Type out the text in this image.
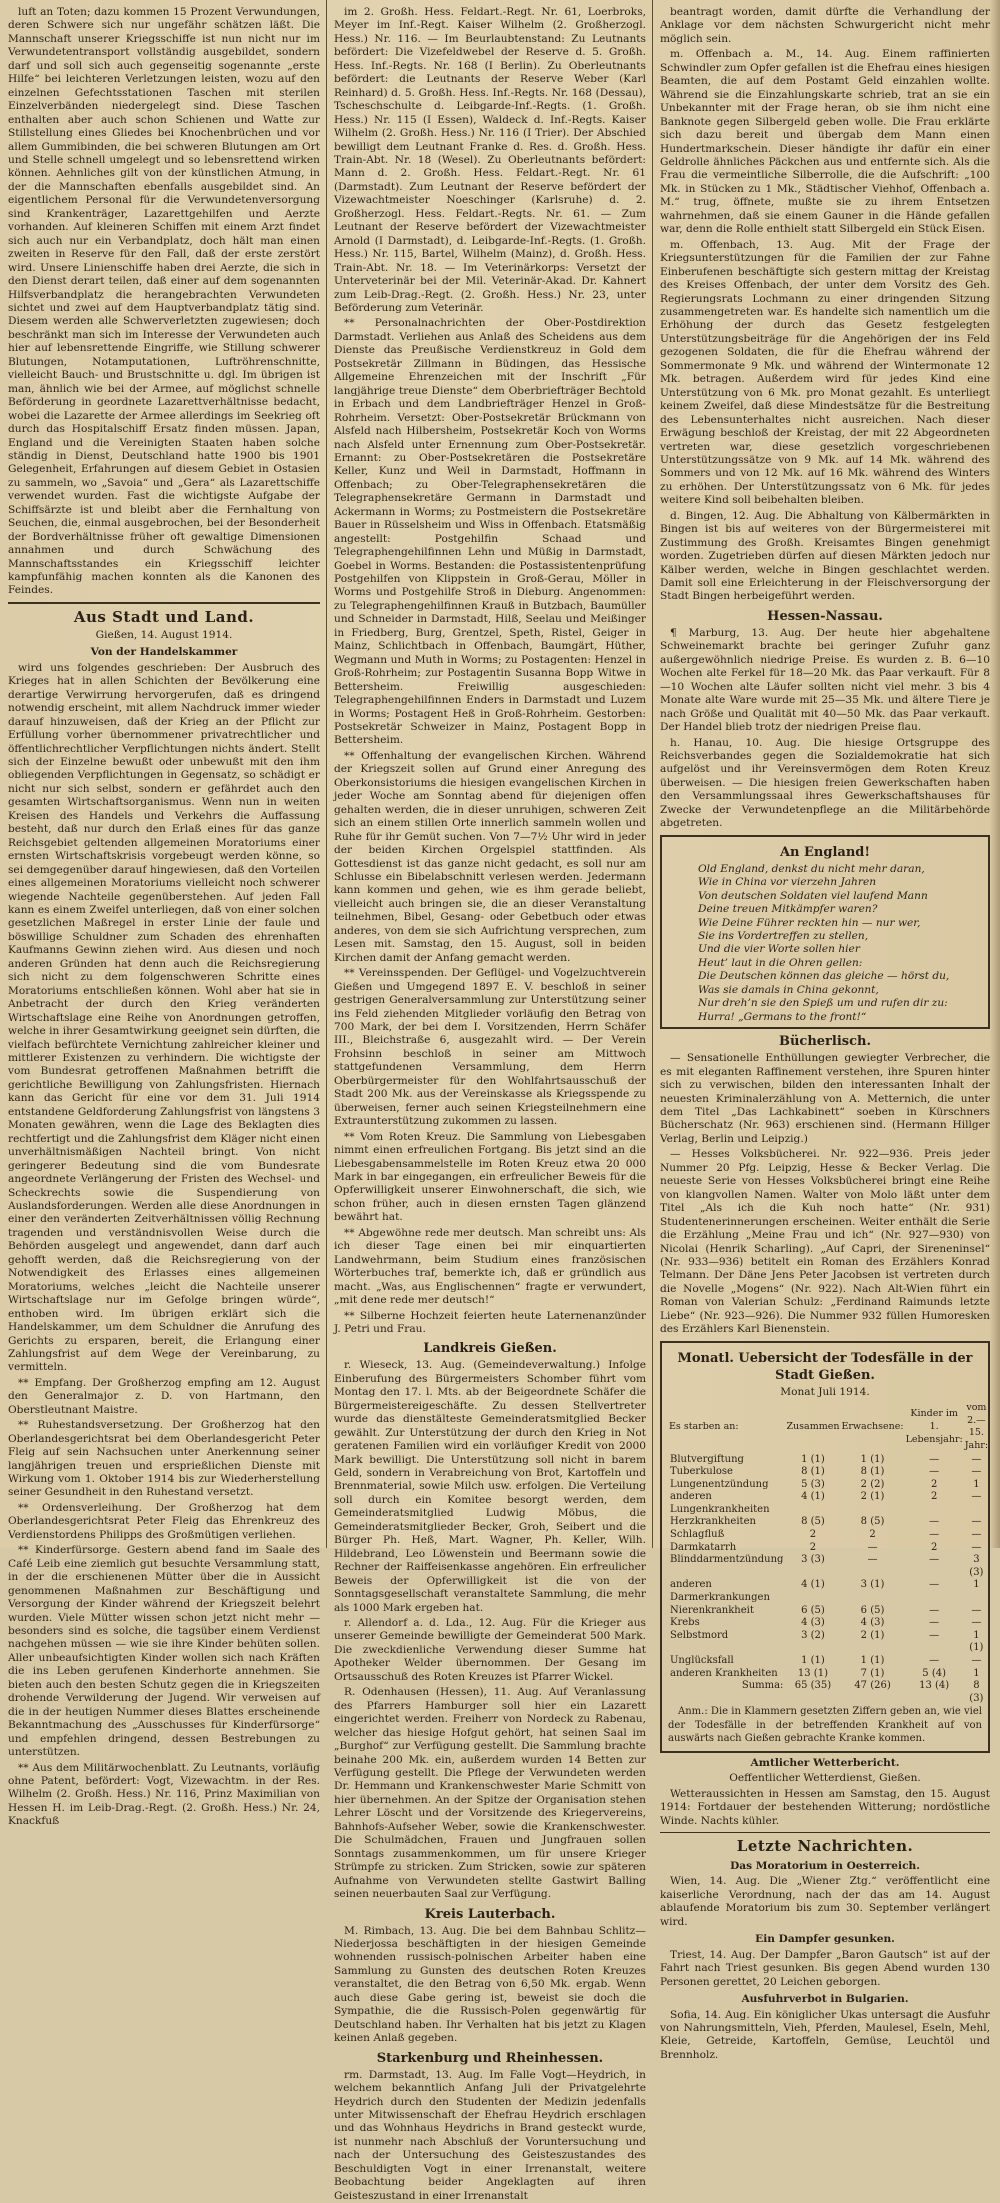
luft an Toten; dazu kommen 15 Prozent Verwundungen, deren Schwere sich nur ungefähr schätzen läßt. Die Mannschaft unserer Kriegsschiffe ist nun nicht nur im Verwundetentransport vollständig ausgebildet, sondern darf und soll sich auch gegenseitig sogenannte „erste Hilfe“ bei leichteren Verletzungen leisten, wozu auf den einzelnen Gefechtsstationen Taschen mit sterilen Einzelverbänden niedergelegt sind. Diese Taschen enthalten aber auch schon Schienen und Watte zur Stillstellung eines Gliedes bei Knochenbrüchen und vor allem Gummibinden, die bei schweren Blutungen am Ort und Stelle schnell umgelegt und so lebensrettend wirken können. Aehnliches gilt von der künstlichen Atmung, in der die Mannschaften ebenfalls ausgebildet sind. An eigentlichem Personal für die Verwundetenversorgung sind Krankenträger, Lazarettgehilfen und Aerzte vorhanden. Auf kleineren Schiffen mit einem Arzt findet sich auch nur ein Verbandplatz, doch hält man einen zweiten in Reserve für den Fall, daß der erste zerstört wird. Unsere Linienschiffe haben drei Aerzte, die sich in den Dienst derart teilen, daß einer auf dem sogenannten Hilfsverbandplatz die herangebrachten Verwundeten sichtet und zwei auf dem Hauptverbandplatz tätig sind. Diesem werden alle Schwerverletzten zugewiesen; doch beschränkt man sich im Interesse der Verwundeten auch hier auf lebensrettende Eingriffe, wie Stillung schwerer Blutungen, Notamputationen, Luftröhrenschnitte, vielleicht Bauch- und Brustschnitte u. dgl. Im übrigen ist man, ähnlich wie bei der Armee, auf möglichst schnelle Beförderung in geordnete Lazarettverhältnisse bedacht, wobei die Lazarette der Armee allerdings im Seekrieg oft durch das Hospitalschiff Ersatz finden müssen. Japan, England und die Vereinigten Staaten haben solche ständig in Dienst, Deutschland hatte 1900 bis 1901 Gelegenheit, Erfahrungen auf diesem Gebiet in Ostasien zu sammeln, wo „Savoia“ und „Gera“ als Lazarettschiffe verwendet wurden. Fast die wichtigste Aufgabe der Schiffsärzte ist und bleibt aber die Fernhaltung von Seuchen, die, einmal ausgebrochen, bei der Besonderheit der Bordverhältnisse früher oft gewaltige Dimensionen annahmen und durch Schwächung des Mannschaftsstandes ein Kriegsschiff leichter kampfunfähig machen konnten als die Kanonen des Feindes.

Aus Stadt und Land.
Gießen, 14. August 1914.
Von der Handelskammer

wird uns folgendes geschrieben: Der Ausbruch des Krieges hat in allen Schichten der Bevölkerung eine derartige Verwirrung hervorgerufen, daß es dringend notwendig erscheint, mit allem Nachdruck immer wieder darauf hinzuweisen, daß der Krieg an der Pflicht zur Erfüllung vorher übernommener privatrechtlicher und öffentlichrechtlicher Verpflichtungen nichts ändert. Stellt sich der Einzelne bewußt oder unbewußt mit den ihm obliegenden Verpflichtungen in Gegensatz, so schädigt er nicht nur sich selbst, sondern er gefährdet auch den gesamten Wirtschaftsorganismus. Wenn nun in weiten Kreisen des Handels und Verkehrs die Auffassung besteht, daß nur durch den Erlaß eines für das ganze Reichsgebiet geltenden allgemeinen Moratoriums einer ernsten Wirtschaftskrisis vorgebeugt werden könne, so sei demgegenüber darauf hingewiesen, daß den Vorteilen eines allgemeinen Moratoriums vielleicht noch schwerer wiegende Nachteile gegenüberstehen. Auf jeden Fall kann es einem Zweifel unterliegen, daß von einer solchen gesetzlichen Maßregel in erster Linie der faule und böswillige Schuldner zum Schaden des ehrenhaften Kaufmanns Gewinn ziehen wird. Aus diesen und noch anderen Gründen hat denn auch die Reichsregierung sich nicht zu dem folgenschweren Schritte eines Moratoriums entschließen können. Wohl aber hat sie in Anbetracht der durch den Krieg veränderten Wirtschaftslage eine Reihe von Anordnungen getroffen, welche in ihrer Gesamtwirkung geeignet sein dürften, die vielfach befürchtete Vernichtung zahlreicher kleiner und mittlerer Existenzen zu verhindern. Die wichtigste der vom Bundesrat getroffenen Maßnahmen betrifft die gerichtliche Bewilligung von Zahlungsfristen. Hiernach kann das Gericht für eine vor dem 31. Juli 1914 entstandene Geldforderung Zahlungsfrist von längstens 3 Monaten gewähren, wenn die Lage des Beklagten dies rechtfertigt und die Zahlungsfrist dem Kläger nicht einen unverhältnismäßigen Nachteil bringt. Von nicht geringerer Bedeutung sind die vom Bundesrate angeordnete Verlängerung der Fristen des Wechsel- und Scheckrechts sowie die Suspendierung von Auslandsforderungen. Werden alle diese Anordnungen in einer den veränderten Zeitverhältnissen völlig Rechnung tragenden und verständnisvollen Weise durch die Behörden ausgelegt und angewendet, dann darf auch gehofft werden, daß die Reichsregierung von der Notwendigkeit des Erlasses eines allgemeinen Moratoriums, welches „leicht die Nachteile unserer Wirtschaftslage nur im Gefolge bringen würde“, enthoben wird. Im übrigen erklärt sich die Handelskammer, um dem Schuldner die Anrufung des Gerichts zu ersparen, bereit, die Erlangung einer Zahlungsfrist auf dem Wege der Vereinbarung, zu vermitteln.

** Empfang. Der Großherzog empfing am 12. August den Generalmajor z. D. von Hartmann, den Oberstleutnant Maistre.

** Ruhestandsversetzung. Der Großherzog hat den Oberlandesgerichtsrat bei dem Oberlandesgericht Peter Fleig auf sein Nachsuchen unter Anerkennung seiner langjährigen treuen und ersprießlichen Dienste mit Wirkung vom 1. Oktober 1914 bis zur Wiederherstellung seiner Gesundheit in den Ruhestand versetzt.

** Ordensverleihung. Der Großherzog hat dem Oberlandesgerichtsrat Peter Fleig das Ehrenkreuz des Verdienstordens Philipps des Großmütigen verliehen.

** Kinderfürsorge. Gestern abend fand im Saale des Café Leib eine ziemlich gut besuchte Versammlung statt, in der die erschienenen Mütter über die in Aussicht genommenen Maßnahmen zur Beschäftigung und Versorgung der Kinder während der Kriegszeit belehrt wurden. Viele Mütter wissen schon jetzt nicht mehr — besonders sind es solche, die tagsüber einem Verdienst nachgehen müssen — wie sie ihre Kinder behüten sollen. Aller unbeaufsichtigten Kinder wollen sich nach Kräften die ins Leben gerufenen Kinderhorte annehmen. Sie bieten auch den besten Schutz gegen die in Kriegszeiten drohende Verwilderung der Jugend. Wir verweisen auf die in der heutigen Nummer dieses Blattes erscheinende Bekanntmachung des „Ausschusses für Kinderfürsorge“ und empfehlen dringend, dessen Bestrebungen zu unterstützen.

** Aus dem Militärwochenblatt. Zu Leutnants, vorläufig ohne Patent, befördert: Vogt, Vizewachtm. in der Res. Wilhelm (2. Großh. Hess.) Nr. 116, Prinz Maximilian von Hessen H. im Leib-Drag.-Regt. (2. Großh. Hess.) Nr. 24, Knackfuß

im 2. Großh. Hess. Feldart.-Regt. Nr. 61, Loerbroks, Meyer im Inf.-Regt. Kaiser Wilhelm (2. Großherzogl. Hess.) Nr. 116. — Im Beurlaubtenstand: Zu Leutnants befördert: Die Vizefeldwebel der Reserve d. 5. Großh. Hess. Inf.-Regts. Nr. 168 (I Berlin). Zu Oberleutnants befördert: die Leutnants der Reserve Weber (Karl Reinhard) d. 5. Großh. Hess. Inf.-Regts. Nr. 168 (Dessau), Tscheschschulte d. Leibgarde-Inf.-Regts. (1. Großh. Hess.) Nr. 115 (I Essen), Waldeck d. Inf.-Regts. Kaiser Wilhelm (2. Großh. Hess.) Nr. 116 (I Trier). Der Abschied bewilligt dem Leutnant Franke d. Res. d. Großh. Hess. Train-Abt. Nr. 18 (Wesel). Zu Oberleutnants befördert: Mann d. 2. Großh. Hess. Feldart.-Regt. Nr. 61 (Darmstadt). Zum Leutnant der Reserve befördert der Vizewachtmeister Noeschinger (Karlsruhe) d. 2. Großherzogl. Hess. Feldart.-Regts. Nr. 61. — Zum Leutnant der Reserve befördert der Vizewachtmeister Arnold (I Darmstadt), d. Leibgarde-Inf.-Regts. (1. Großh. Hess.) Nr. 115, Bartel, Wilhelm (Mainz), d. Großh. Hess. Train-Abt. Nr. 18. — Im Veterinärkorps: Versetzt der Unterveterinär bei der Mil. Veterinär-Akad. Dr. Kahnert zum Leib-Drag.-Regt. (2. Großh. Hess.) Nr. 23, unter Beförderung zum Veterinär.

** Personalnachrichten der Ober-Postdirektion Darmstadt. Verliehen aus Anlaß des Scheidens aus dem Dienste das Preußische Verdienstkreuz in Gold dem Postsekretär Zillmann in Büdingen, das Hessische Allgemeine Ehrenzeichen mit der Inschrift „Für langjährige treue Dienste“ dem Oberbriefträger Bechtold in Erbach und dem Landbriefträger Henzel in Groß-Rohrheim. Versetzt: Ober-Postsekretär Brückmann von Alsfeld nach Hilbersheim, Postsekretär Koch von Worms nach Alsfeld unter Ernennung zum Ober-Postsekretär. Ernannt: zu Ober-Postsekretären die Postsekretäre Keller, Kunz und Weil in Darmstadt, Hoffmann in Offenbach; zu Ober-Telegraphensekretären die Telegraphensekretäre Germann in Darmstadt und Ackermann in Worms; zu Postmeistern die Postsekretäre Bauer in Rüsselsheim und Wiss in Offenbach. Etatsmäßig angestellt: Postgehilfin Schaad und Telegraphengehilfinnen Lehn und Müßig in Darmstadt, Goebel in Worms. Bestanden: die Postassistentenprüfung Postgehilfen von Klippstein in Groß-Gerau, Möller in Worms und Postgehilfe Stroß in Dieburg. Angenommen: zu Telegraphengehilfinnen Krauß in Butzbach, Baumüller und Schneider in Darmstadt, Hilß, Seelau und Meißinger in Friedberg, Burg, Grentzel, Speth, Ristel, Geiger in Mainz, Schlichtbach in Offenbach, Baumgärt, Hüther, Wegmann und Muth in Worms; zu Postagenten: Henzel in Groß-Rohrheim; zur Postagentin Susanna Bopp Witwe in Bettersheim. Freiwillig ausgeschieden: Telegraphengehilfinnen Enders in Darmstadt und Luzem in Worms; Postagent Heß in Groß-Rohrheim. Gestorben: Postsekretär Schweizer in Mainz, Postagent Bopp in Bettersheim.

** Offenhaltung der evangelischen Kirchen. Während der Kriegszeit sollen auf Grund einer Anregung des Oberkonsistoriums die hiesigen evangelischen Kirchen in jeder Woche am Sonntag abend für diejenigen offen gehalten werden, die in dieser unruhigen, schweren Zeit sich an einem stillen Orte innerlich sammeln wollen und Ruhe für ihr Gemüt suchen. Von 7—7½ Uhr wird in jeder der beiden Kirchen Orgelspiel stattfinden. Als Gottesdienst ist das ganze nicht gedacht, es soll nur am Schlusse ein Bibelabschnitt verlesen werden. Jedermann kann kommen und gehen, wie es ihm gerade beliebt, vielleicht auch bringen sie, die an dieser Veranstaltung teilnehmen, Bibel, Gesang- oder Gebetbuch oder etwas anderes, von dem sie sich Aufrichtung versprechen, zum Lesen mit. Samstag, den 15. August, soll in beiden Kirchen damit der Anfang gemacht werden.

** Vereinsspenden. Der Geflügel- und Vogelzuchtverein Gießen und Umgegend 1897 E. V. beschloß in seiner gestrigen Generalversammlung zur Unterstützung seiner ins Feld ziehenden Mitglieder vorläufig den Betrag von 700 Mark, der bei dem I. Vorsitzenden, Herrn Schäfer III., Bleichstraße 6, ausgezahlt wird. — Der Verein Frohsinn beschloß in seiner am Mittwoch stattgefundenen Versammlung, dem Herrn Oberbürgermeister für den Wohlfahrtsausschuß der Stadt 200 Mk. aus der Vereinskasse als Kriegsspende zu überweisen, ferner auch seinen Kriegsteilnehmern eine Extraunterstützung zukommen zu lassen.

** Vom Roten Kreuz. Die Sammlung von Liebesgaben nimmt einen erfreulichen Fortgang. Bis jetzt sind an die Liebesgabensammelstelle im Roten Kreuz etwa 20 000 Mark in bar eingegangen, ein erfreulicher Beweis für die Opferwilligkeit unserer Einwohnerschaft, die sich, wie schon früher, auch in diesen ernsten Tagen glänzend bewährt hat.

** Abgewöhne rede mer deutsch. Man schreibt uns: Als ich dieser Tage einen bei mir einquartierten Landwehrmann, beim Studium eines französischen Wörterbuches traf, bemerkte ich, daß er gründlich aus macht. „Was, aus Englischennen“ fragte er verwundert, „mit dene rede mer deutsch!“

** Silberne Hochzeit feierten heute Laternenanzünder J. Petri und Frau.

Landkreis Gießen.

r. Wieseck, 13. Aug. (Gemeindeverwaltung.) Infolge Einberufung des Bürgermeisters Schomber führt vom Montag den 17. l. Mts. ab der Beigeordnete Schäfer die Bürgermeistereigeschäfte. Zu dessen Stellvertreter wurde das dienstälteste Gemeinderatsmitglied Becker gewählt. Zur Unterstützung der durch den Krieg in Not geratenen Familien wird ein vorläufiger Kredit von 2000 Mark bewilligt. Die Unterstützung soll nicht in barem Geld, sondern in Verabreichung von Brot, Kartoffeln und Brennmaterial, sowie Milch usw. erfolgen. Die Verteilung soll durch ein Komitee besorgt werden, dem Gemeinderatsmitglied Ludwig Möbus, die Gemeinderatsmitglieder Becker, Groh, Seibert und die Bürger Ph. Heß, Mart. Wagner, Ph. Keller, Wilh. Hildebrand, Leo Löwenstein und Beermann sowie die Rechner der Raiffeisenkasse angehören. Ein erfreulicher Beweis der Opferwilligkeit ist die von der Sonntagsgesellschaft veranstaltete Sammlung, die mehr als 1000 Mark ergeben hat.

r. Allendorf a. d. Lda., 12. Aug. Für die Krieger aus unserer Gemeinde bewilligte der Gemeinderat 500 Mark. Die zweckdienliche Verwendung dieser Summe hat Apotheker Welder übernommen. Der Gesang im Ortsausschuß des Roten Kreuzes ist Pfarrer Wickel.

R. Odenhausen (Hessen), 11. Aug. Auf Veranlassung des Pfarrers Hamburger soll hier ein Lazarett eingerichtet werden. Freiherr von Nordeck zu Rabenau, welcher das hiesige Hofgut gehört, hat seinen Saal im „Burghof“ zur Verfügung gestellt. Die Sammlung brachte beinahe 200 Mk. ein, außerdem wurden 14 Betten zur Verfügung gestellt. Die Pflege der Verwundeten werden Dr. Hemmann und Krankenschwester Marie Schmitt von hier übernehmen. An der Spitze der Organisation stehen Lehrer Löscht und der Vorsitzende des Kriegervereins, Bahnhofs-Aufseher Weber, sowie die Krankenschwester. Die Schulmädchen, Frauen und Jungfrauen sollen Sonntags zusammenkommen, um für unsere Krieger Strümpfe zu stricken. Zum Stricken, sowie zur späteren Aufnahme von Verwundeten stellte Gastwirt Balling seinen neuerbauten Saal zur Verfügung.

Kreis Lauterbach.

M. Rimbach, 13. Aug. Die bei dem Bahnbau Schlitz—Niederjossa beschäftigten in der hiesigen Gemeinde wohnenden russisch-polnischen Arbeiter haben eine Sammlung zu Gunsten des deutschen Roten Kreuzes veranstaltet, die den Betrag von 6,50 Mk. ergab. Wenn auch diese Gabe gering ist, beweist sie doch die Sympathie, die die Russisch-Polen gegenwärtig für Deutschland haben. Ihr Verhalten hat bis jetzt zu Klagen keinen Anlaß gegeben.

Starkenburg und Rheinhessen.

rm. Darmstadt, 13. Aug. Im Falle Vogt—Heydrich, in welchem bekanntlich Anfang Juli der Privatgelehrte Heydrich durch den Studenten der Medizin jedenfalls unter Mitwissenschaft der Ehefrau Heydrich erschlagen und das Wohnhaus Heydrichs in Brand gesteckt wurde, ist nunmehr nach Abschluß der Voruntersuchung und nach der Untersuchung des Geisteszustandes des Beschuldigten Vogt in einer Irrenanstalt, weitere Beobachtung beider Angeklagten auf ihren Geisteszustand in einer Irrenanstalt

beantragt worden, damit dürfte die Verhandlung der Anklage vor dem nächsten Schwurgericht nicht mehr möglich sein.

m. Offenbach a. M., 14. Aug. Einem raffinierten Schwindler zum Opfer gefallen ist die Ehefrau eines hiesigen Beamten, die auf dem Postamt Geld einzahlen wollte. Während sie die Einzahlungskarte schrieb, trat an sie ein Unbekannter mit der Frage heran, ob sie ihm nicht eine Banknote gegen Silbergeld geben wolle. Die Frau erklärte sich dazu bereit und übergab dem Mann einen Hundertmarkschein. Dieser händigte ihr dafür ein einer Geldrolle ähnliches Päckchen aus und entfernte sich. Als die Frau die vermeintliche Silberrolle, die die Aufschrift: „100 Mk. in Stücken zu 1 Mk., Städtischer Viehhof, Offenbach a. M.“ trug, öffnete, mußte sie zu ihrem Entsetzen wahrnehmen, daß sie einem Gauner in die Hände gefallen war, denn die Rolle enthielt statt Silbergeld ein Stück Eisen.

m. Offenbach, 13. Aug. Mit der Frage der Kriegsunterstützungen für die Familien der zur Fahne Einberufenen beschäftigte sich gestern mittag der Kreistag des Kreises Offenbach, der unter dem Vorsitz des Geh. Regierungsrats Lochmann zu einer dringenden Sitzung zusammengetreten war. Es handelte sich namentlich um die Erhöhung der durch das Gesetz festgelegten Unterstützungsbeiträge für die Angehörigen der ins Feld gezogenen Soldaten, die für die Ehefrau während der Sommermonate 9 Mk. und während der Wintermonate 12 Mk. betragen. Außerdem wird für jedes Kind eine Unterstützung von 6 Mk. pro Monat gezahlt. Es unterliegt keinem Zweifel, daß diese Mindestsätze für die Bestreitung des Lebensunterhaltes nicht ausreichen. Nach dieser Erwägung beschloß der Kreistag, der mit 22 Abgeordneten vertreten war, diese gesetzlich vorgeschriebenen Unterstützungssätze von 9 Mk. auf 14 Mk. während des Sommers und von 12 Mk. auf 16 Mk. während des Winters zu erhöhen. Der Unterstützungssatz von 6 Mk. für jedes weitere Kind soll beibehalten bleiben.

d. Bingen, 12. Aug. Die Abhaltung von Kälbermärkten in Bingen ist bis auf weiteres von der Bürgermeisterei mit Zustimmung des Großh. Kreisamtes Bingen genehmigt worden. Zugetrieben dürfen auf diesen Märkten jedoch nur Kälber werden, welche in Bingen geschlachtet werden. Damit soll eine Erleichterung in der Fleischversorgung der Stadt Bingen herbeigeführt werden.

Hessen-Nassau.

¶ Marburg, 13. Aug. Der heute hier abgehaltene Schweinemarkt brachte bei geringer Zufuhr ganz außergewöhnlich niedrige Preise. Es wurden z. B. 6—10 Wochen alte Ferkel für 18—20 Mk. das Paar verkauft. Für 8—10 Wochen alte Läufer sollten nicht viel mehr. 3 bis 4 Monate alte Ware wurde mit 25—35 Mk. und ältere Tiere je nach Größe und Qualität mit 40—50 Mk. das Paar verkauft. Der Handel blieb trotz der niedrigen Preise flau.

h. Hanau, 10. Aug. Die hiesige Ortsgruppe des Reichsverbandes gegen die Sozialdemokratie hat sich aufgelöst und ihr Vereinsvermögen dem Roten Kreuz überweisen. — Die hiesigen freien Gewerkschaften haben den Versammlungssaal ihres Gewerkschaftshauses für Zwecke der Verwundetenpflege an die Militärbehörde abgetreten.

An England!

Old England, denkst du nicht mehr daran,

Wie in China vor vierzehn Jahren

Von deutschen Soldaten viel laufend Mann

Deine treuen Mitkämpfer waren?

Wie Deine Führer reckten hin — nur wer,

Sie ins Vordertreffen zu stellen,

Und die vier Worte sollen hier

Heut’ laut in die Ohren gellen:

Die Deutschen können das gleiche — hörst du,

Was sie damals in China gekonnt,

Nur dreh’n sie den Spieß um und rufen dir zu:

Hurra! „Germans to the front!“

Bücherlisch.

— Sensationelle Enthüllungen gewiegter Verbrecher, die es mit eleganten Raffinement verstehen, ihre Spuren hinter sich zu verwischen, bilden den interessanten Inhalt der neuesten Kriminalerzählung von A. Metternich, die unter dem Titel „Das Lachkabinett“ soeben in Kürschners Bücherschatz (Nr. 963) erschienen sind. (Hermann Hillger Verlag, Berlin und Leipzig.)

— Hesses Volksbücherei. Nr. 922—936. Preis jeder Nummer 20 Pfg. Leipzig, Hesse & Becker Verlag. Die neueste Serie von Hesses Volksbücherei bringt eine Reihe von klangvollen Namen. Walter von Molo läßt unter dem Titel „Als ich die Kuh noch hatte“ (Nr. 931) Studentenerinnerungen erscheinen. Weiter enthält die Serie die Erzählung „Meine Frau und ich“ (Nr. 927—930) von Nicolai (Henrik Scharling). „Auf Capri, der Sireneninsel“ (Nr. 933—936) betitelt ein Roman des Erzählers Konrad Telmann. Der Däne Jens Peter Jacobsen ist vertreten durch die Novelle „Mogens“ (Nr. 922). Nach Alt-Wien führt ein Roman von Valerian Schulz: „Ferdinand Raimunds letzte Liebe“ (Nr. 923—926). Die Nummer 932 füllen Humoresken des Erzählers Karl Bienenstein.

Monatl. Uebersicht der Todesfälle in der Stadt Gießen.
Monat Juli 1914.
Es starben an:	Zusammen	Erwachsene:	Kinder im 1. Lebensjahr:	vom 2.—15. Jahr:
Blutvergiftung	1 (1)	1 (1)	—	—
Tuberkulose	8 (1)	8 (1)	—	—
Lungenentzündung	5 (3)	2 (2)	2	1
anderen Lungenkrankheiten	4 (1)	2 (1)	2	—
Herzkrankheiten	8 (5)	8 (5)	—	—
Schlagfluß	2	2	—	—
Darmkatarrh	2	—	2	—
Blinddarmentzündung	3 (3)	—	—	3 (3)
anderen Darmerkrankungen	4 (1)	3 (1)	—	1
Nierenkrankheit	6 (5)	6 (5)	—	—
Krebs	4 (3)	4 (3)	—	—
Selbstmord	3 (2)	2 (1)	—	1 (1)
Unglücksfall	1 (1)	1 (1)	—	—
anderen Krankheiten	13 (1)	7 (1)	5 (4)	1
Summa:	65 (35)	47 (26)	13 (4)	8 (3)

Anm.: Die in Klammern gesetzten Ziffern geben an, wie viel der Todesfälle in der betreffenden Krankheit auf von auswärts nach Gießen gebrachte Kranke kommen.

Amtlicher Wetterbericht.
Oeffentlicher Wetterdienst, Gießen.

Wetteraussichten in Hessen am Samstag, den 15. August 1914: Fortdauer der bestehenden Witterung; nordöstliche Winde. Nachts kühler.

Letzte Nachrichten.
Das Moratorium in Oesterreich.

Wien, 14. Aug. Die „Wiener Ztg.“ veröffentlicht eine kaiserliche Verordnung, nach der das am 14. August ablaufende Moratorium bis zum 30. September verlängert wird.

Ein Dampfer gesunken.

Triest, 14. Aug. Der Dampfer „Baron Gautsch“ ist auf der Fahrt nach Triest gesunken. Bis gegen Abend wurden 130 Personen gerettet, 20 Leichen geborgen.

Ausfuhrverbot in Bulgarien.

Sofia, 14. Aug. Ein königlicher Ukas untersagt die Ausfuhr von Nahrungsmitteln, Vieh, Pferden, Maulesel, Eseln, Mehl, Kleie, Getreide, Kartoffeln, Gemüse, Leuchtöl und Brennholz.
